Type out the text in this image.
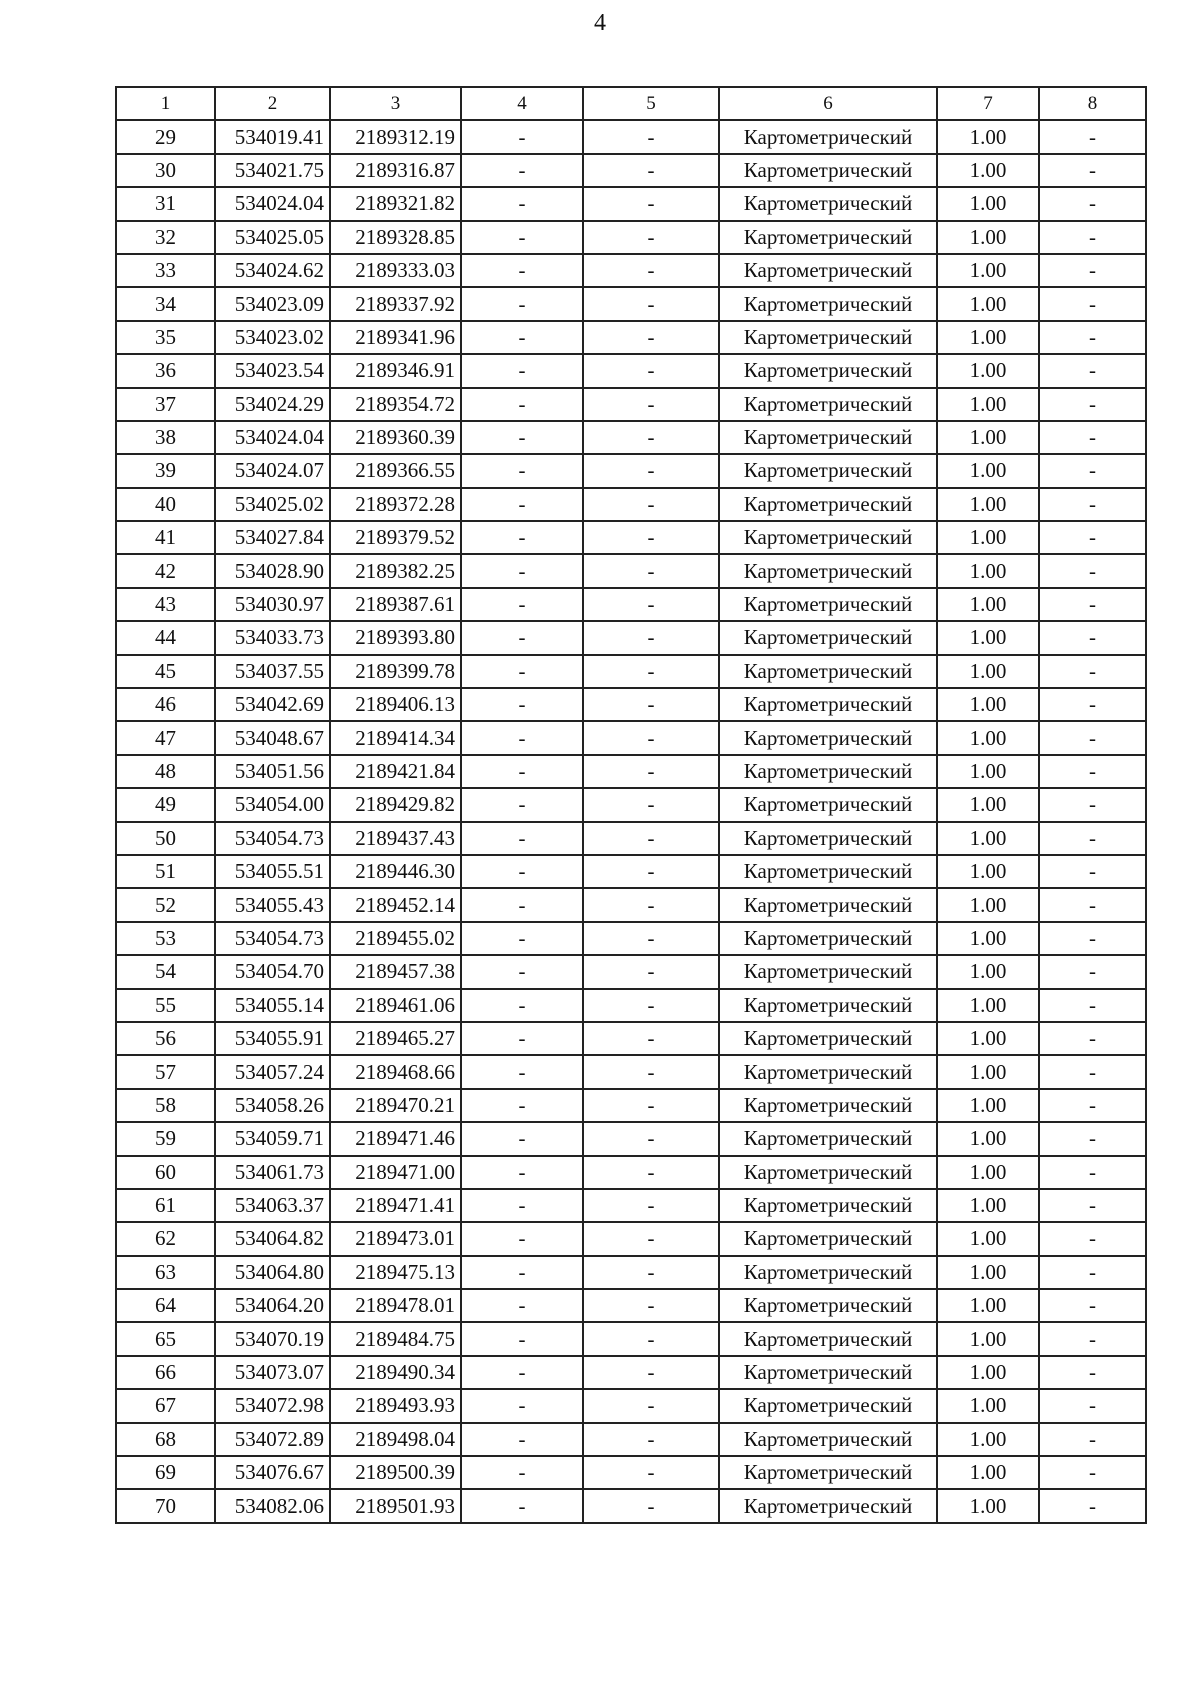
4
1	2	3	4	5	6	7	8
29	534019.41	2189312.19	-	-	Картометрический	1.00	-
30	534021.75	2189316.87	-	-	Картометрический	1.00	-
31	534024.04	2189321.82	-	-	Картометрический	1.00	-
32	534025.05	2189328.85	-	-	Картометрический	1.00	-
33	534024.62	2189333.03	-	-	Картометрический	1.00	-
34	534023.09	2189337.92	-	-	Картометрический	1.00	-
35	534023.02	2189341.96	-	-	Картометрический	1.00	-
36	534023.54	2189346.91	-	-	Картометрический	1.00	-
37	534024.29	2189354.72	-	-	Картометрический	1.00	-
38	534024.04	2189360.39	-	-	Картометрический	1.00	-
39	534024.07	2189366.55	-	-	Картометрический	1.00	-
40	534025.02	2189372.28	-	-	Картометрический	1.00	-
41	534027.84	2189379.52	-	-	Картометрический	1.00	-
42	534028.90	2189382.25	-	-	Картометрический	1.00	-
43	534030.97	2189387.61	-	-	Картометрический	1.00	-
44	534033.73	2189393.80	-	-	Картометрический	1.00	-
45	534037.55	2189399.78	-	-	Картометрический	1.00	-
46	534042.69	2189406.13	-	-	Картометрический	1.00	-
47	534048.67	2189414.34	-	-	Картометрический	1.00	-
48	534051.56	2189421.84	-	-	Картометрический	1.00	-
49	534054.00	2189429.82	-	-	Картометрический	1.00	-
50	534054.73	2189437.43	-	-	Картометрический	1.00	-
51	534055.51	2189446.30	-	-	Картометрический	1.00	-
52	534055.43	2189452.14	-	-	Картометрический	1.00	-
53	534054.73	2189455.02	-	-	Картометрический	1.00	-
54	534054.70	2189457.38	-	-	Картометрический	1.00	-
55	534055.14	2189461.06	-	-	Картометрический	1.00	-
56	534055.91	2189465.27	-	-	Картометрический	1.00	-
57	534057.24	2189468.66	-	-	Картометрический	1.00	-
58	534058.26	2189470.21	-	-	Картометрический	1.00	-
59	534059.71	2189471.46	-	-	Картометрический	1.00	-
60	534061.73	2189471.00	-	-	Картометрический	1.00	-
61	534063.37	2189471.41	-	-	Картометрический	1.00	-
62	534064.82	2189473.01	-	-	Картометрический	1.00	-
63	534064.80	2189475.13	-	-	Картометрический	1.00	-
64	534064.20	2189478.01	-	-	Картометрический	1.00	-
65	534070.19	2189484.75	-	-	Картометрический	1.00	-
66	534073.07	2189490.34	-	-	Картометрический	1.00	-
67	534072.98	2189493.93	-	-	Картометрический	1.00	-
68	534072.89	2189498.04	-	-	Картометрический	1.00	-
69	534076.67	2189500.39	-	-	Картометрический	1.00	-
70	534082.06	2189501.93	-	-	Картометрический	1.00	-
